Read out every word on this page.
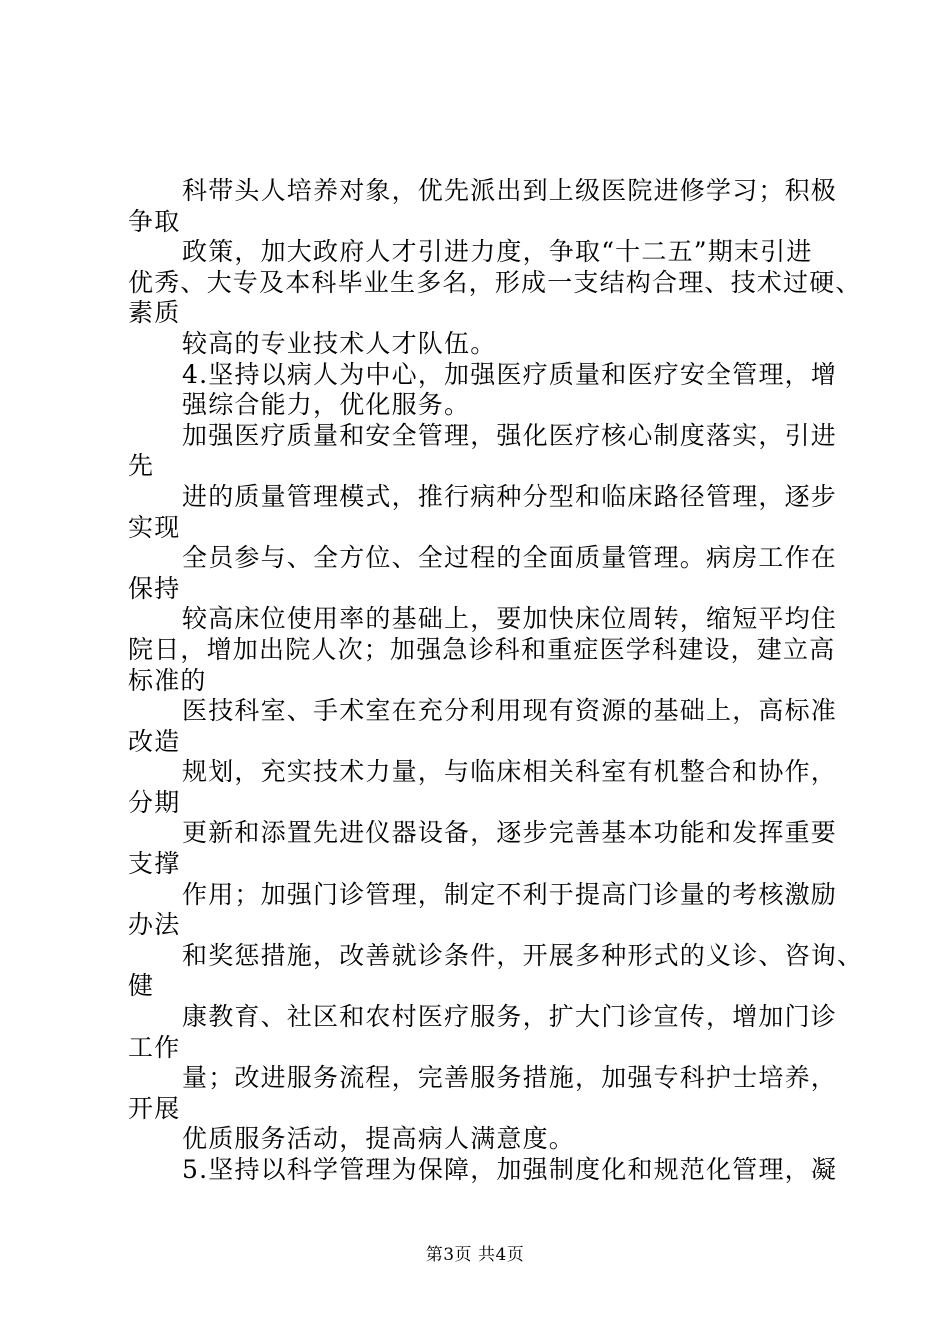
科带头人培养对象，优先派出到上级医院进修学习；积极
争取
政策，加大政府人才引进力度，争取“十二五”期末引进
优秀、大专及本科毕业生多名，形成一支结构合理、技术过硬、
素质
较高的专业技术人才队伍。
4.坚持以病人为中心，加强医疗质量和医疗安全管理，增
强综合能力，优化服务。
加强医疗质量和安全管理，强化医疗核心制度落实，引进
先
进的质量管理模式，推行病种分型和临床路径管理，逐步
实现
全员参与、全方位、全过程的全面质量管理。病房工作在
保持
较高床位使用率的基础上，要加快床位周转，缩短平均住
院日，增加出院人次；加强急诊科和重症医学科建设，建立高
标准的
医技科室、手术室在充分利用现有资源的基础上，高标准
改造
规划，充实技术力量，与临床相关科室有机整合和协作，
分期
更新和添置先进仪器设备，逐步完善基本功能和发挥重要
支撑
作用；加强门诊管理，制定不利于提高门诊量的考核激励
办法
和奖惩措施，改善就诊条件，开展多种形式的义诊、咨询、
健
康教育、社区和农村医疗服务，扩大门诊宣传，增加门诊
工作
量；改进服务流程，完善服务措施，加强专科护士培养，
开展
优质服务活动，提高病人满意度。
5.坚持以科学管理为保障，加强制度化和规范化管理，凝
第3页 共4页
